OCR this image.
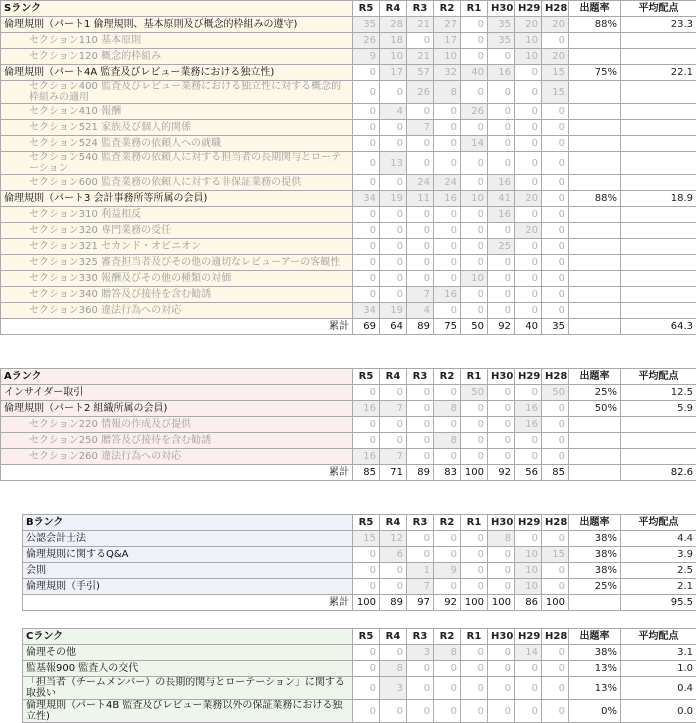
Sランク	R5	R4	R3	R2	R1	H30	H29	H28	出題率	平均配点
倫理規則（パート1 倫理規則、基本原則及び概念的枠組みの遵守)	35	28	21	27	0	35	20	20	88%	23.3
セクション110 基本原則	26	18	0	17	0	35	10	0		
セクション120 概念的枠組み	9	10	21	10	0	0	10	20		
倫理規則（パート4A 監査及びレビュー業務における独立性)	0	17	57	32	40	16	0	15	75%	22.1
セクション400 監査及びレビュー業務における独立性に対する概念的枠組みの適用	0	0	26	8	0	0	0	15		
セクション410 報酬	0	4	0	0	26	0	0	0		
セクション521 家族及び個人的関係	0	0	7	0	0	0	0	0		
セクション524 監査業務の依頼人への就職	0	0	0	0	14	0	0	0		
セクション540 監査業務の依頼人に対する担当者の長期関与とローテーション	0	13	0	0	0	0	0	0		
セクション600 監査業務の依頼人に対する非保証業務の提供	0	0	24	24	0	16	0	0		
倫理規則（パート3 会計事務所等所属の会員)	34	19	11	16	10	41	20	0	88%	18.9
セクション310 利益相反	0	0	0	0	0	16	0	0		
セクション320 専門業務の受任	0	0	0	0	0	0	20	0		
セクション321 セカンド・オピニオン	0	0	0	0	0	25	0	0		
セクション325 審査担当者及びその他の適切なレビューアーの客観性	0	0	0	0	0	0	0	0		
セクション330 報酬及びその他の種類の対価	0	0	0	0	10	0	0	0		
セクション340 贈答及び接待を含む勧誘	0	0	7	16	0	0	0	0		
セクション360 違法行為への対応	34	19	4	0	0	0	0	0		
累計	69	64	89	75	50	92	40	35		64.3
Aランク	R5	R4	R3	R2	R1	H30	H29	H28	出題率	平均配点
インサイダー取引	0	0	0	0	50	0	0	50	25%	12.5
倫理規則（パート2 組織所属の会員)	16	7	0	8	0	0	16	0	50%	5.9
セクション220 情報の作成及び提供	0	0	0	0	0	0	16	0		
セクション250 贈答及び接待を含む勧誘	0	0	0	8	0	0	0	0		
セクション260 違法行為への対応	16	7	0	0	0	0	0	0		
累計	85	71	89	83	100	92	56	85		82.6
Bランク	R5	R4	R3	R2	R1	H30	H29	H28	出題率	平均配点
公認会計士法	15	12	0	0	0	8	0	0	38%	4.4
倫理規則に関するQ&A	0	6	0	0	0	0	10	15	38%	3.9
会則	0	0	1	9	0	0	10	0	38%	2.5
倫理規則（手引)	0	0	7	0	0	0	10	0	25%	2.1
累計	100	89	97	92	100	100	86	100		95.5
Cランク	R5	R4	R3	R2	R1	H30	H29	H28	出題率	平均配点
倫理その他	0	0	3	8	0	0	14	0	38%	3.1
監基報900 監査人の交代	0	8	0	0	0	0	0	0	13%	1.0
「担当者（チームメンバー）の長期的関与とローテーション」に関する取扱い	0	3	0	0	0	0	0	0	13%	0.4
倫理規則（パート4B 監査及びレビュー業務以外の保証業務における独立性)	0	0	0	0	0	0	0	0	0%	0.0
